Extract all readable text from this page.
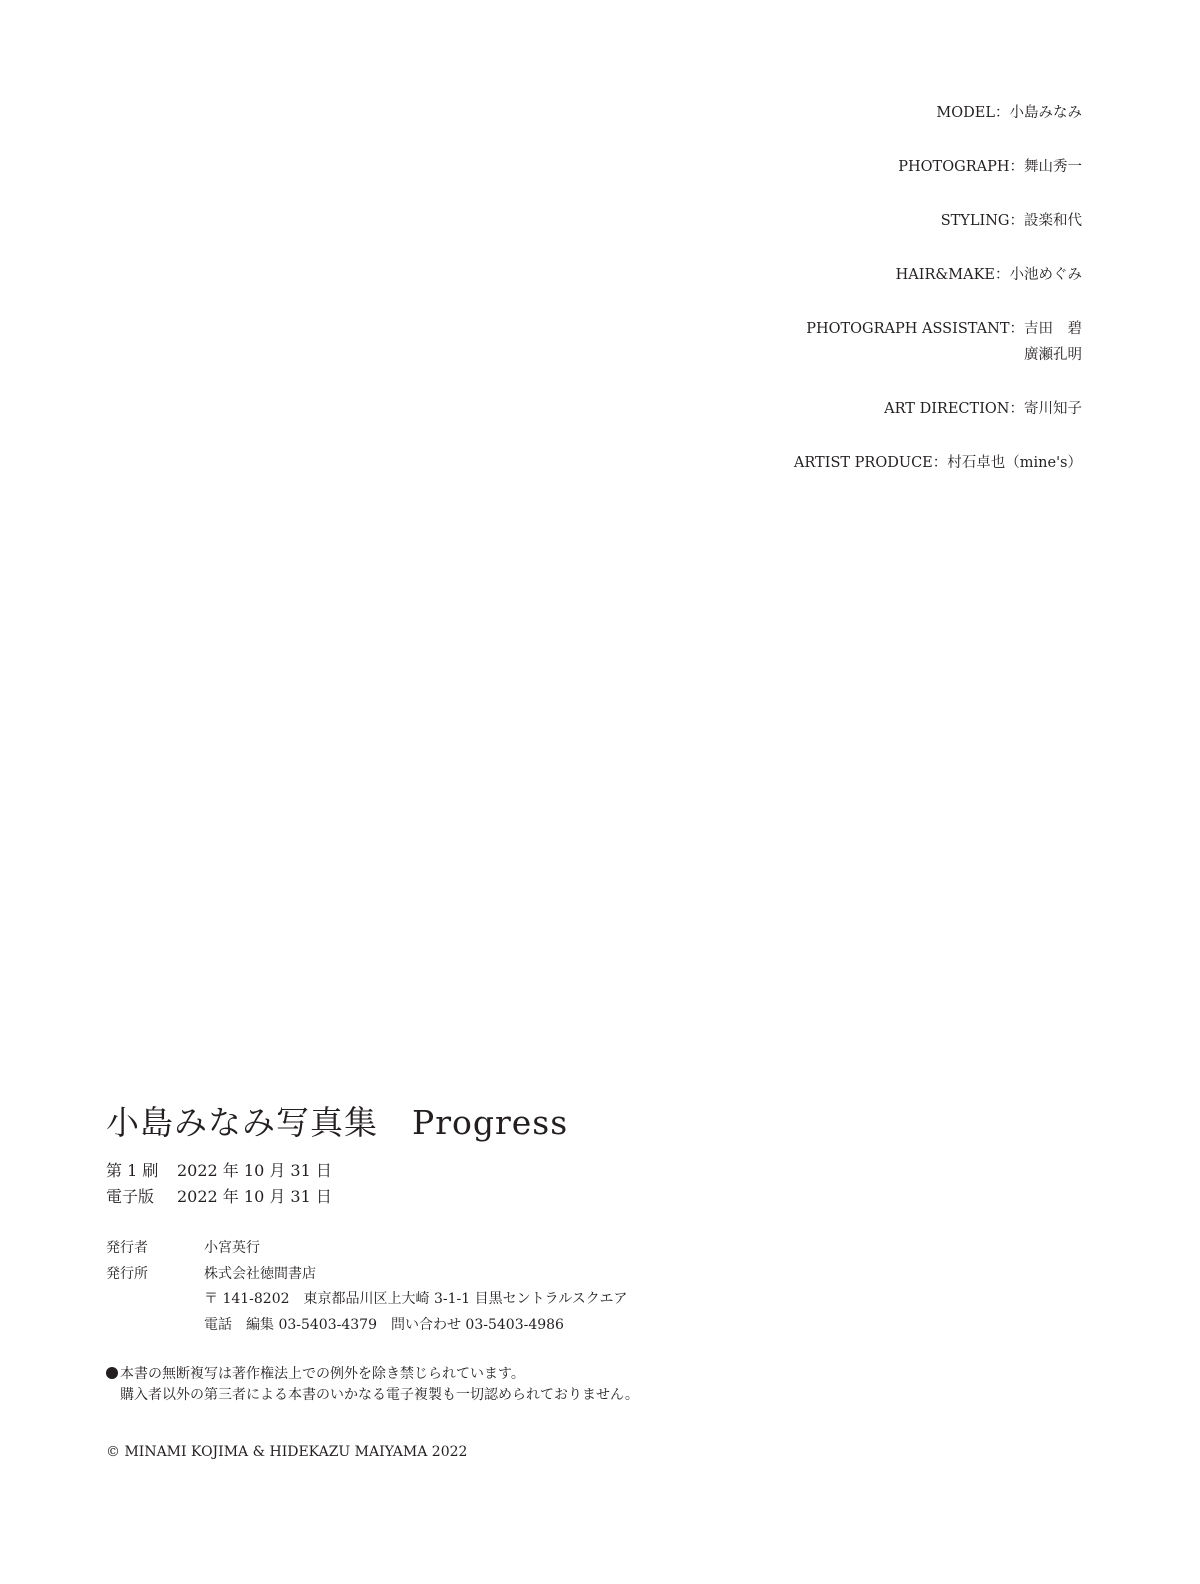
MODEL： 小島みなみ
PHOTOGRAPH： 舞山秀一
STYLING： 設楽和代
HAIR&MAKE： 小池めぐみ
PHOTOGRAPH ASSISTANT： 吉田　碧
廣瀬孔明
ART DIRECTION： 寄川知子
ARTIST PRODUCE： 村石卓也（mine's）
小島みなみ写真集 Progress
第 1 刷	2022 年 10 月 31 日
電子版	2022 年 10 月 31 日
発行者	小宮英行
発行所	株式会社徳間書店
〒 141-8202　東京都品川区上大崎 3-1-1 目黒セントラルスクエア
電話　編集 03-5403-4379　問い合わせ 03-5403-4986
本書の無断複写は著作権法上での例外を除き禁じられています。
購入者以外の第三者による本書のいかなる電子複製も一切認められておりません。
© MINAMI KOJIMA & HIDEKAZU MAIYAMA 2022
